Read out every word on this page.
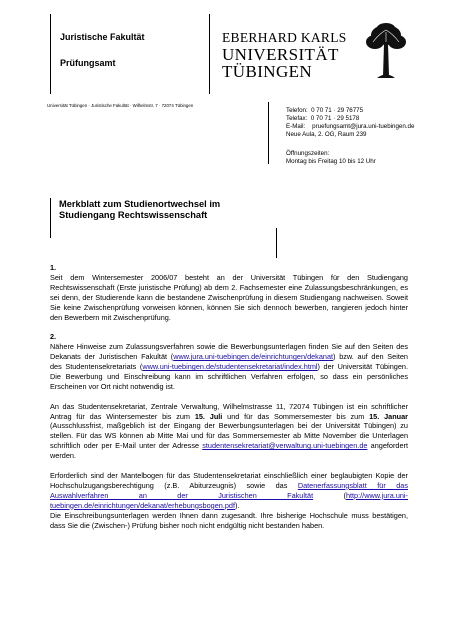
Juristische Fakultät
Prüfungsamt
EBERHARD KARLS
UNIVERSITÄT
TÜBINGEN
Universität Tübingen · Juristische Fakultät · Wilhelmstr. 7 · 72074 Tübingen
Telefon:  0 70 71 · 29 76775
Telefax:  0 70 71 · 29 5178
E-Mail:    pruefungsamt@jura.uni-tuebingen.de
Neue Aula, 2. OG, Raum 239
Öffnungszeiten:
Montag bis Freitag 10 bis 12 Uhr
Merkblatt zum Studienortwechsel im Studiengang Rechtswissenschaft

1.

Seit dem Wintersemester 2006/07 besteht an der Universität Tübingen für den Studiengang Rechtswissenschaft (Erste juristische Prüfung) ab dem 2. Fachsemester eine Zulassungsbeschränkungen, es sei denn, der Studierende kann die bestandene Zwischenprüfung in diesem Studiengang nachweisen. Soweit Sie keine Zwischenprüfung vorweisen können, können Sie sich dennoch bewerben, rangieren jedoch hinter den Bewerbern mit Zwischenprüfung.

2.

Nähere Hinweise zum Zulassungsverfahren sowie die Bewerbungsunterlagen finden Sie auf den Seiten des Dekanats der Juristischen Fakultät (www.jura.uni-tuebingen.de/einrichtungen/dekanat) bzw. auf den Seiten des Studentensekretariats (www.uni-tuebingen.de/studentensekretariat/index.html) der Universität Tübingen. Die Bewerbung und Einschreibung kann im schriftlichen Verfahren erfolgen, so dass ein persönliches Erscheinen vor Ort nicht notwendig ist.

An das Studentensekretariat, Zentrale Verwaltung, Wilhelmstrasse 11, 72074 Tübingen ist ein schriftlicher Antrag für das Wintersemester bis zum 15. Juli und für das Sommersemester bis zum 15. Januar (Ausschlussfrist, maßgeblich ist der Eingang der Bewerbungsunterlagen bei der Universität Tübingen) zu stellen. Für das WS können ab Mitte Mai und für das Sommersemester ab Mitte November die Unterlagen schriftlich oder per E-Mail unter der Adresse studentensekretariat@verwaltung.uni-tuebingen.de angefordert werden.

Erforderlich sind der Mantelbogen für das Studentensekretariat einschließlich einer beglaubigten Kopie der Hochschulzugangsberechtigung (z.B. Abiturzeugnis) sowie das Datenerfassungsblatt für das Auswahlverfahren an der Juristischen Fakultät (http://www.jura.uni-tuebingen.de/einrichtungen/dekanat/erhebungsbogen.pdf).
Die Einschreibungsunterlagen werden Ihnen dann zugesandt. Ihre bisherige Hochschule muss bestätigen, dass Sie die (Zwischen-) Prüfung bisher noch nicht endgültig nicht bestanden haben.
